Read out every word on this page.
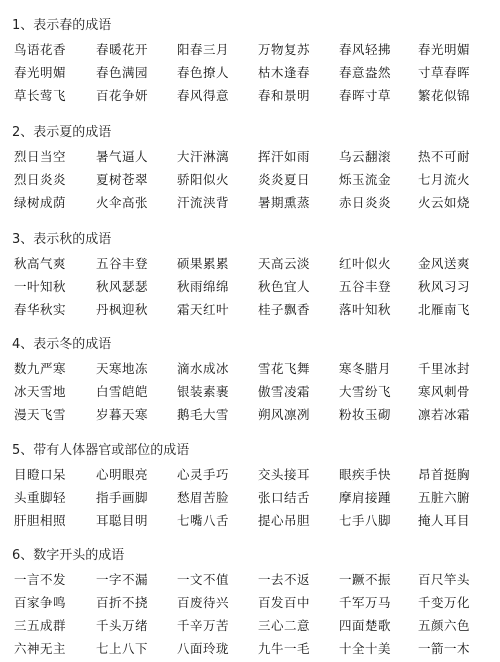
1、表示春的成语
鸟语花香 春暖花开 阳春三月 万物复苏 春风轻拂 春光明媚
春光明媚 春色满园 春色撩人 枯木逢春 春意盎然 寸草春晖
草长莺飞 百花争妍 春风得意 春和景明 春晖寸草 繁花似锦
2、表示夏的成语
烈日当空 暑气逼人 大汗淋漓 挥汗如雨 乌云翻滚 热不可耐
烈日炎炎 夏树苍翠 骄阳似火 炎炎夏日 烁玉流金 七月流火
绿树成荫 火伞高张 汗流浃背 暑期熏蒸 赤日炎炎 火云如烧
3、表示秋的成语
秋高气爽 五谷丰登 硕果累累 天高云淡 红叶似火 金风送爽
一叶知秋 秋风瑟瑟 秋雨绵绵 秋色宜人 五谷丰登 秋风习习
春华秋实 丹枫迎秋 霜天红叶 桂子飘香 落叶知秋 北雁南飞
4、表示冬的成语
数九严寒 天寒地冻 滴水成冰 雪花飞舞 寒冬腊月 千里冰封
冰天雪地 白雪皑皑 银装素裹 傲雪凌霜 大雪纷飞 寒风刺骨
漫天飞雪 岁暮天寒 鹅毛大雪 朔风凛冽 粉妆玉砌 凛若冰霜
5、带有人体器官或部位的成语
目瞪口呆 心明眼亮 心灵手巧 交头接耳 眼疾手快 昂首挺胸
头重脚轻 指手画脚 愁眉苦脸 张口结舌 摩肩接踵 五脏六腑
肝胆相照 耳聪目明 七嘴八舌 提心吊胆 七手八脚 掩人耳目
6、数字开头的成语
一言不发 一字不漏 一文不值 一去不返 一蹶不振 百尺竿头
百家争鸣 百折不挠 百废待兴 百发百中 千军万马 千变万化
三五成群 千头万绪 千辛万苦 三心二意 四面楚歌 五颜六色
六神无主 七上八下 八面玲珑 九牛一毛 十全十美 一箭一木
